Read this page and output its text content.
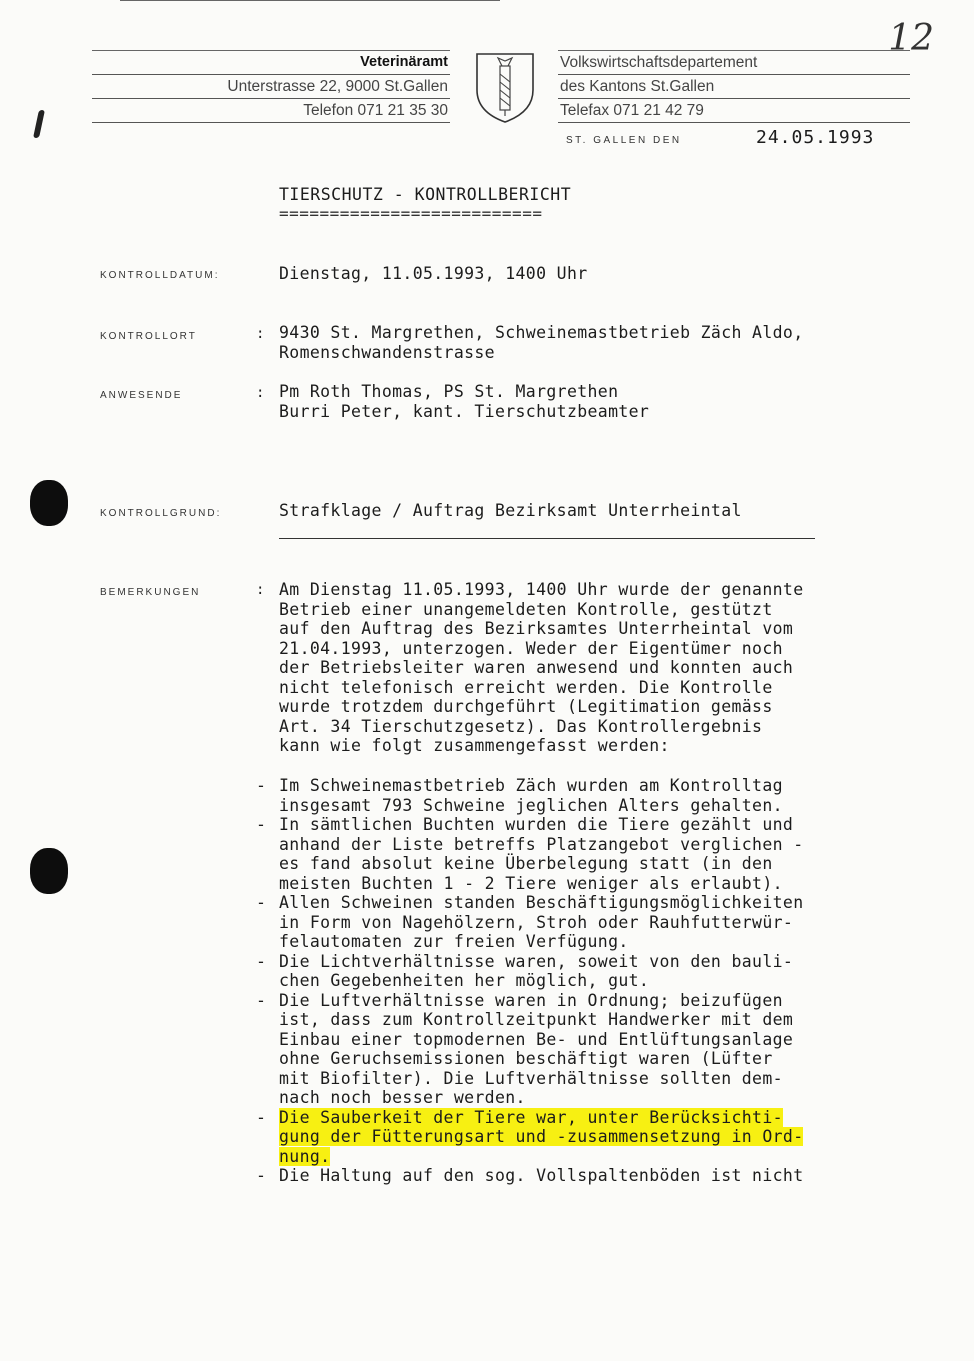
12
Veterinäramt
Unterstrasse 22, 9000 St.Gallen
Telefon 071 21 35 30
Volkswirtschaftsdepartement
des Kantons St.Gallen
Telefax 071 21 42 79
ST. GALLEN DEN	24.05.1993
TIERSCHUTZ - KONTROLLBERICHT
==========================
KONTROLLDATUM:	Dienstag, 11.05.1993, 1400 Uhr
KONTROLLORT	: 9430 St. Margrethen, Schweinemastbetrieb Zäch Aldo,
Romenschwandenstrasse
ANWESENDE	: Pm Roth Thomas, PS St. Margrethen
Burri Peter, kant. Tierschutzbeamter
KONTROLLGRUND:	Strafklage / Auftrag Bezirksamt Unterrheintal
BEMERKUNGEN	: Am Dienstag 11.05.1993, 1400 Uhr wurde der genannte
Betrieb einer unangemeldeten Kontrolle, gestützt
auf den Auftrag des Bezirksamtes Unterrheintal vom
21.04.1993, unterzogen. Weder der Eigentümer noch
der Betriebsleiter waren anwesend und konnten auch
nicht telefonisch erreicht werden. Die Kontrolle
wurde trotzdem durchgeführt (Legitimation gemäss
Art. 34 Tierschutzgesetz). Das Kontrollergebnis
kann wie folgt zusammengefasst werden:
- Im Schweinemastbetrieb Zäch wurden am Kontrolltag
insgesamt 793 Schweine jeglichen Alters gehalten.
- In sämtlichen Buchten wurden die Tiere gezählt und
anhand der Liste betreffs Platzangebot verglichen -
es fand absolut keine Überbelegung statt (in den
meisten Buchten 1 - 2 Tiere weniger als erlaubt).
- Allen Schweinen standen Beschäftigungsmöglichkeiten
in Form von Nagehölzern, Stroh oder Rauhfutterwür-
felautomaten zur freien Verfügung.
- Die Lichtverhältnisse waren, soweit von den bauli-
chen Gegebenheiten her möglich, gut.
- Die Luftverhältnisse waren in Ordnung; beizufügen
ist, dass zum Kontrollzeitpunkt Handwerker mit dem
Einbau einer topmodernen Be- und Entlüftungsanlage
ohne Geruchsemissionen beschäftigt waren (Lüfter
mit Biofilter). Die Luftverhältnisse sollten dem-
nach noch besser werden.
- Die Sauberkeit der Tiere war, unter Berücksichti-
gung der Fütterungsart und -zusammensetzung in Ord-
nung.
- Die Haltung auf den sog. Vollspaltenböden ist nicht
